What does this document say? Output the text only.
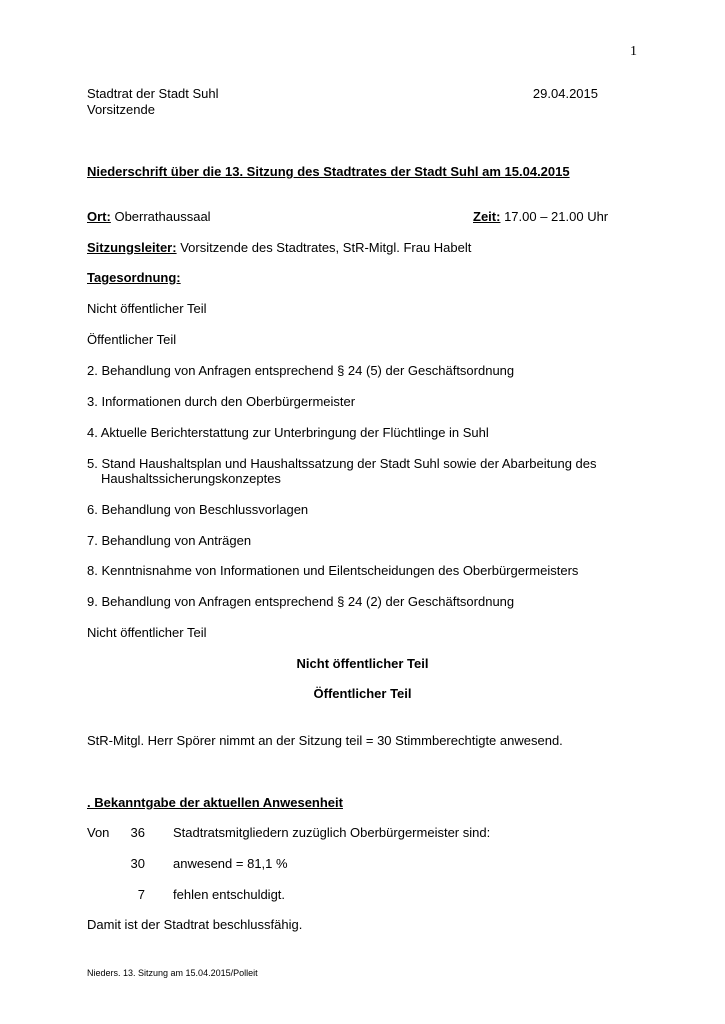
1
Stadtrat der Stadt Suhl
Vorsitzende
29.04.2015
Niederschrift über die 13. Sitzung des Stadtrates der Stadt Suhl am 15.04.2015
Ort: Oberrathaussaal	Zeit: 17.00 – 21.00 Uhr
Sitzungsleiter: Vorsitzende des Stadtrates, StR-Mitgl. Frau Habelt
Tagesordnung:
Nicht öffentlicher Teil
Öffentlicher Teil
2. Behandlung von Anfragen entsprechend § 24 (5) der Geschäftsordnung
3. Informationen durch den Oberbürgermeister
4. Aktuelle Berichterstattung zur Unterbringung der Flüchtlinge in Suhl
5. Stand Haushaltsplan und Haushaltssatzung der Stadt Suhl sowie der Abarbeitung des
Haushaltssicherungskonzeptes
6. Behandlung von Beschlussvorlagen
7. Behandlung von Anträgen
8. Kenntnisnahme von Informationen und Eilentscheidungen des Oberbürgermeisters
9. Behandlung von Anfragen entsprechend § 24 (2) der Geschäftsordnung
Nicht öffentlicher Teil
Nicht öffentlicher Teil
Öffentlicher Teil
StR-Mitgl. Herr Spörer nimmt an der Sitzung teil = 30 Stimmberechtigte anwesend.
. Bekanntgabe der aktuellen Anwesenheit
Von	36 Stadtratsmitgliedern zuzüglich Oberbürgermeister sind:
30 anwesend = 81,1 %
7 fehlen entschuldigt.
Damit ist der Stadtrat beschlussfähig.
Nieders. 13. Sitzung am 15.04.2015/Polleit
